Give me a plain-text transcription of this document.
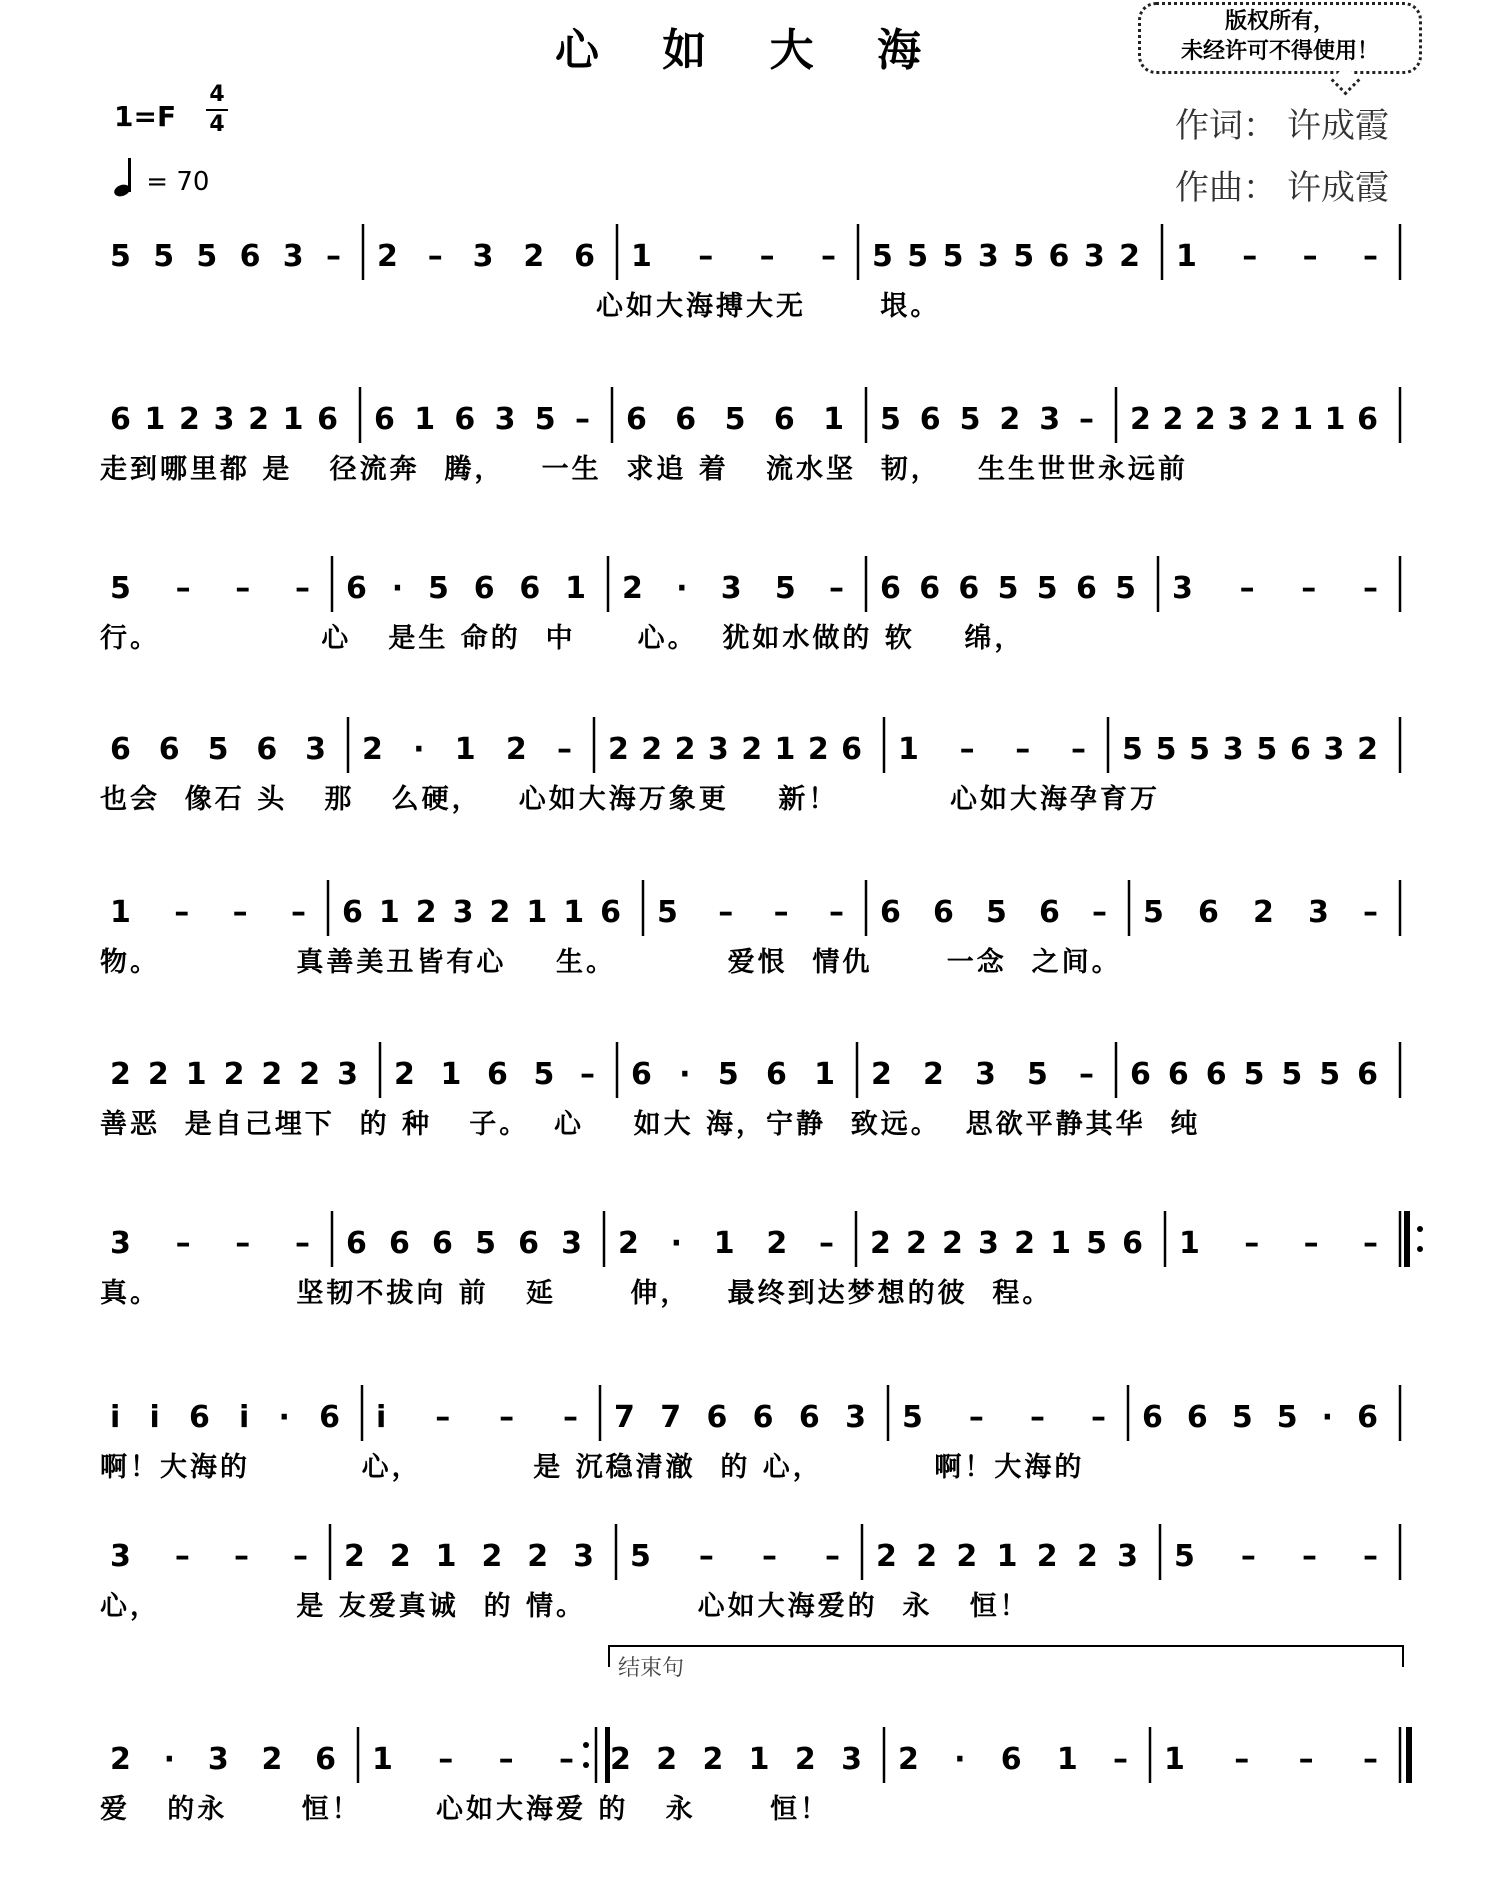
心 如 大 海
版权所有，
未经许可不得使用！
1=F
4
4
= 70
作词： 许成霞
作曲： 许成霞
结束句
5 5 5 6 3 – 2 – 3 2 6 1 – – – 5 5 5 3 5 6 3 2 1 – – –
心如大海搏大无      垠。
6 1 2 3 2 1 6 6 1 6 3 5 – 6 6 5 6 1 5 6 5 2 3 – 2 2 2 3 2 1 1 6
走到哪里都 是   径流奔  腾，   一生  求追 着   流水坚  韧，   生生世世永远前
5 – – – 6 · 5 6 6 1 2 · 3 5 – 6 6 6 5 5 6 5 3 – – –
行。             心   是生 命的  中     心。  犹如水做的 软    绵，
6 6 5 6 3 2 · 1 2 – 2 2 2 3 2 1 2 6 1 – – – 5 5 5 3 5 6 3 2
也会  像石 头   那   么硬，   心如大海万象更    新！         心如大海孕育万
1 – – – 6 1 2 3 2 1 1 6 5 – – – 6 6 5 6 – 5 6 2 3 –
物。           真善美丑皆有心    生。         爱恨  情仇      一念  之间。
2 2 1 2 2 2 3 2 1 6 5 – 6 · 5 6 1 2 2 3 5 – 6 6 6 5 5 5 6
善恶  是自己埋下  的 种   子。  心    如大 海，宁静  致远。  思欲平静其华  纯
3 – – – 6 6 6 5 6 3 2 · 1 2 – 2 2 2 3 2 1 5 6 1 – – –
真。           坚韧不拔向 前   延      伸，   最终到达梦想的彼  程。
i i 6 i · 6 i – – – 7 7 6 6 6 3 5 – – – 6 6 5 5 · 6
啊！大海的         心，         是 沉稳清澈  的 心，         啊！大海的
3 – – – 2 2 1 2 2 3 5 – – – 2 2 2 1 2 2 3 5 – – –
心，           是 友爱真诚  的 情。         心如大海爱的  永   恒！
2 · 3 2 6 1 – – – 2 2 2 1 2 3 2 · 6 1 – 1 – – –
爱   的永      恒！      心如大海爱 的   永      恒！
